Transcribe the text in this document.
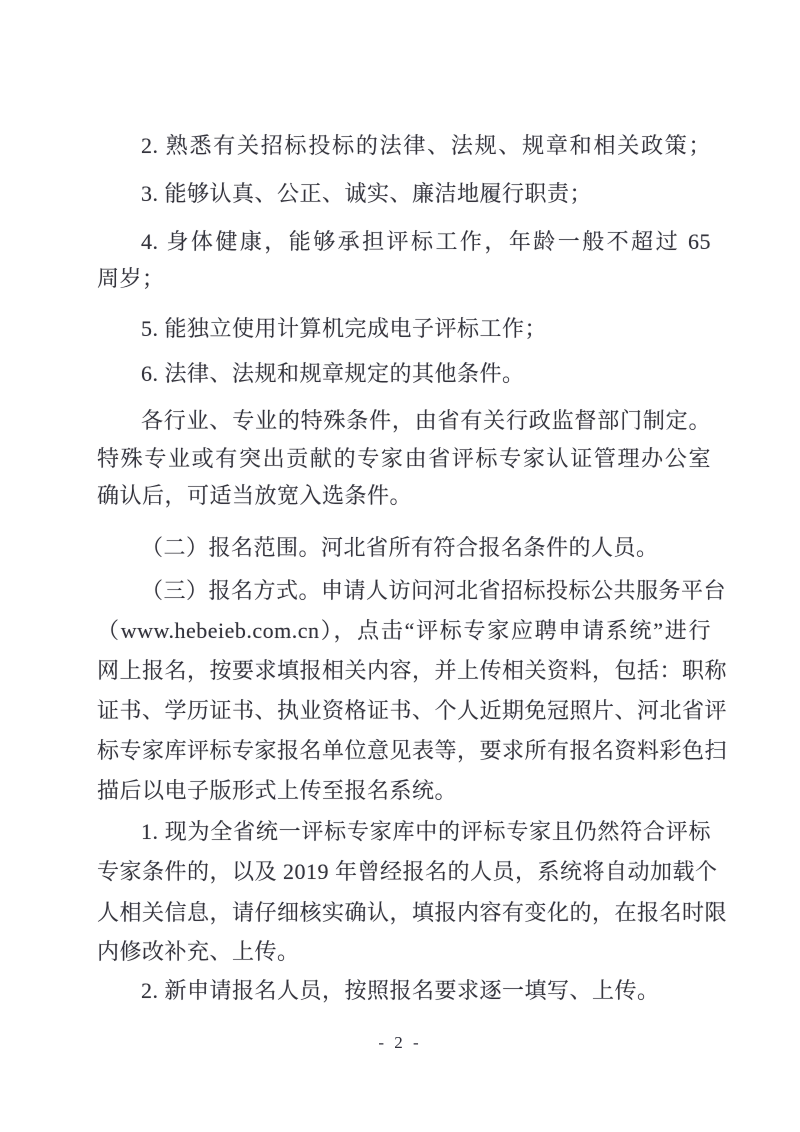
2. 熟悉有关招标投标的法律、法规、规章和相关政策；
3. 能够认真、公正、诚实、廉洁地履行职责；
4. 身体健康，能够承担评标工作，年龄一般不超过 65
周岁；
5. 能独立使用计算机完成电子评标工作；
6. 法律、法规和规章规定的其他条件。
各行业、专业的特殊条件，由省有关行政监督部门制定。
特殊专业或有突出贡献的专家由省评标专家认证管理办公室
确认后，可适当放宽入选条件。
（二）报名范围。河北省所有符合报名条件的人员。
（三）报名方式。申请人访问河北省招标投标公共服务平台
（www.hebeieb.com.cn），点击“评标专家应聘申请系统”进行
网上报名，按要求填报相关内容，并上传相关资料，包括：职称
证书、学历证书、执业资格证书、个人近期免冠照片、河北省评
标专家库评标专家报名单位意见表等，要求所有报名资料彩色扫
描后以电子版形式上传至报名系统。
1. 现为全省统一评标专家库中的评标专家且仍然符合评标
专家条件的，以及 2019 年曾经报名的人员，系统将自动加载个
人相关信息，请仔细核实确认，填报内容有变化的，在报名时限
内修改补充、上传。
2. 新申请报名人员，按照报名要求逐一填写、上传。
- 2 -
